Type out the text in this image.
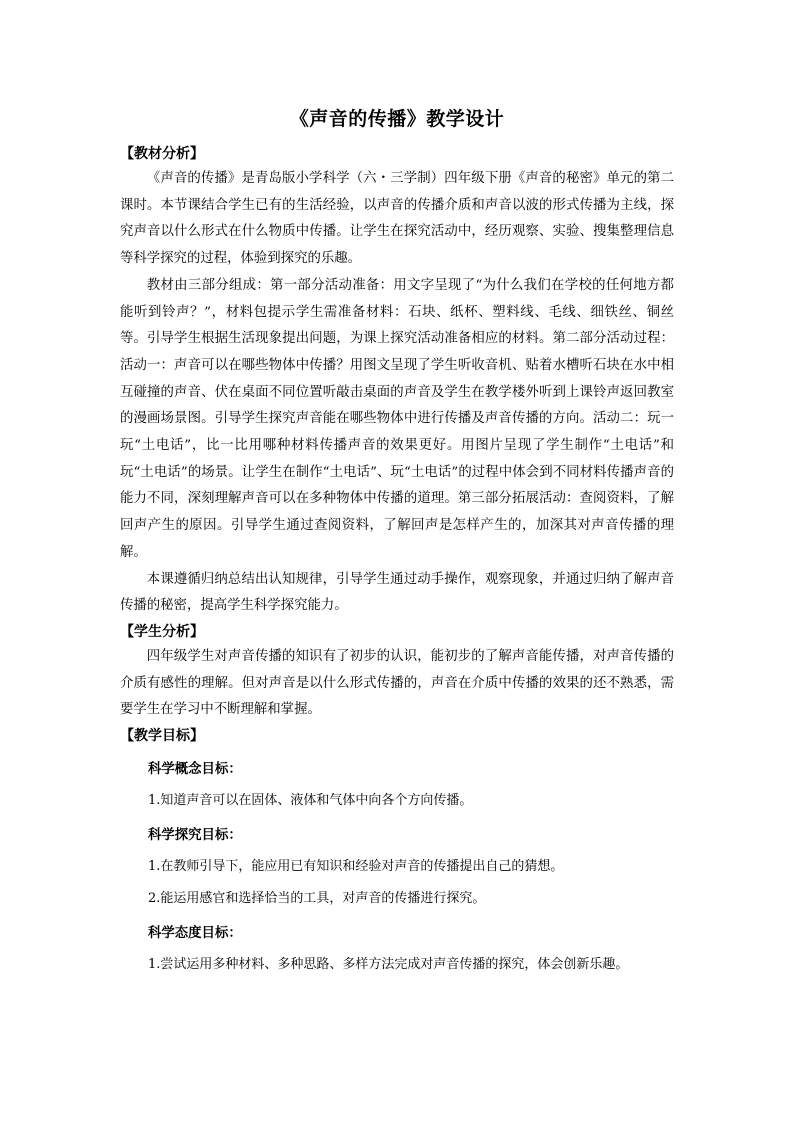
《声音的传播》教学设计
【教材分析】

《声音的传播》是青岛版小学科学（六・三学制）四年级下册《声音的秘密》单元的第二课时。本节课结合学生已有的生活经验，以声音的传播介质和声音以波的形式传播为主线，探究声音以什么形式在什么物质中传播。让学生在探究活动中，经历观察、实验、搜集整理信息等科学探究的过程，体验到探究的乐趣。

教材由三部分组成：第一部分活动准备：用文字呈现了“为什么我们在学校的任何地方都能听到铃声？”，材料包提示学生需准备材料：石块、纸杯、塑料线、毛线、细铁丝、铜丝等。引导学生根据生活现象提出问题，为课上探究活动准备相应的材料。第二部分活动过程：活动一：声音可以在哪些物体中传播？用图文呈现了学生听收音机、贴着水槽听石块在水中相互碰撞的声音、伏在桌面不同位置听敲击桌面的声音及学生在教学楼外听到上课铃声返回教室的漫画场景图。引导学生探究声音能在哪些物体中进行传播及声音传播的方向。活动二：玩一玩“土电话”，比一比用哪种材料传播声音的效果更好。用图片呈现了学生制作“土电话”和玩“土电话”的场景。让学生在制作“土电话”、玩“土电话”的过程中体会到不同材料传播声音的能力不同，深刻理解声音可以在多种物体中传播的道理。第三部分拓展活动：查阅资料，了解回声产生的原因。引导学生通过查阅资料，了解回声是怎样产生的，加深其对声音传播的理解。

本课遵循归纳总结出认知规律，引导学生通过动手操作，观察现象，并通过归纳了解声音传播的秘密，提高学生科学探究能力。

【学生分析】

四年级学生对声音传播的知识有了初步的认识，能初步的了解声音能传播，对声音传播的介质有感性的理解。但对声音是以什么形式传播的，声音在介质中传播的效果的还不熟悉，需要学生在学习中不断理解和掌握。

【教学目标】
科学概念目标：
1.知道声音可以在固体、液体和气体中向各个方向传播。
科学探究目标：
1.在教师引导下，能应用已有知识和经验对声音的传播提出自己的猜想。
2.能运用感官和选择恰当的工具，对声音的传播进行探究。
科学态度目标：
1.尝试运用多种材料、多种思路、多样方法完成对声音传播的探究，体会创新乐趣。
